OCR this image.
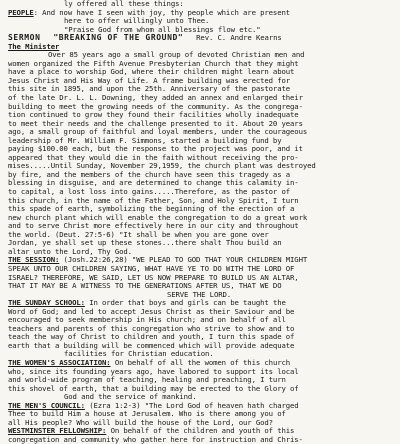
ly offered all these things:
PEOPLE: And now have I seen with joy, thy people which are present
here to offer willingly unto Thee.
"Praise God from whom all blessings flow etc."
SERMON "BREAKING OF THE GROUND" Rev. C. Andre Kearns
The Minister
Over 85 years ago a small group of devoted Christian men and
women organized the Fifth Avenue Presbyterian Church that they might
have a place to worship God, where their children might learn about
Jesus Christ and His Way of Life. A frame building was erected for
this site in 1895, and upon the 25th. Anniversary of the pastorate
of the late Dr. L. L. Downing, they added an annex and enlarged their
building to meet the growing needs of the community. As the congrega-
tion continued to grow they found their facilities wholly inadequate
to meet their needs and the challenge presented to it. About 20 years
ago, a small group of faithful and loyal members, under the courageous
leadership of Mr. William F. Simmons, started a building fund by
paying $100.00 each, but the response to the project was poor, and it
appeared that they would die in the faith without receiving the pro-
mises.....Until Sunday, November 29,1959, the church plant was destroyed
by fire, and the members of the church have seen this tragedy as a
blessing in disguise, and are determined to change this calamity in-
to capital, a lost loss into gains.....Therefore, as the pastor of
this church, in the name of the Father, Son, and Holy Spirit, I turn
this spade of earth, symbolizing the beginning of the erection of a
new church plant which will enable the congregation to do a great work
and to serve Christ more effectively here in our city and throughout
the world. (Deut. 27:5-6) "It shall be when you are gone over
Jordan, ye shall set up these stones...there shalt Thou build an
altar unto the Lord, Thy God.
THE SESSION: (Josh.22:26,28) "WE PLEAD TO GOD THAT YOUR CHILDREN MIGHT
SPEAK UNTO OUR CHILDREN SAYING, WHAT HAVE YE TO DO WITH THE LORD OF
ISRAEL? THEREFORE, WE SAID, LET US NOW PREPARE TO BUILD US AN ALTAR,
THAT IT MAY BE A WITNESS TO THE GENERATIONS AFTER US, THAT WE DO
SERVE THE LORD.
THE SUNDAY SCHOOL: In order that boys and girls can be taught the
Word of God; and led to accept Jesus Christ as their Saviour and be
encouraged to seek membership in His church; and on behalf of all
teachers and parents of this congregation who strive to show and to
teach the way of Christ to children and youth, I turn this spade of
earth that a building will be commenced which will provide adequate
facilities for Christian education.
THE WOMEN'S ASSOCIATION: On behalf of all the women of this church
who, since its founding years ago, have labored to support its local
and world-wide program of teaching, healing and preaching, I turn
this shovel of earth, that a building may be erected to the Glory of
God and the service of mankind.
THE MEN'S COUNCIL: (Ezra 1:2-3) "The Lord God of heaven hath charged
Thee to build Him a house at Jerusalem. Who is there among you of
all His people? Who will build the house of the Lord, our God?
WESTMINSTER FELLOWSHIP: On behalf of the children and youth of this
congregation and community who gather here for instruction and Chris-
